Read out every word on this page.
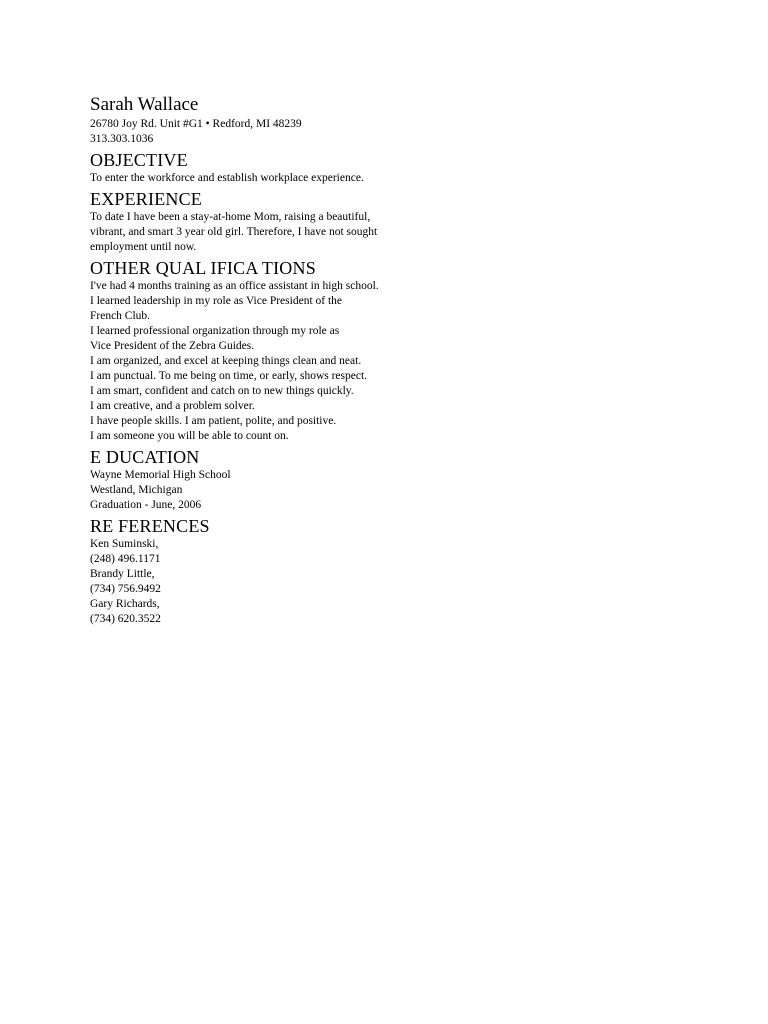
Sarah Wallace
26780 Joy Rd. Unit #G1 • Redford, MI 48239
313.303.1036
OBJECTIVE
To enter the workforce and establish workplace experience.
EXPERIENCE
To date I have been a stay-at-home Mom, raising a beautiful,
vibrant, and smart 3 year old girl. Therefore, I have not sought
employment until now.
OTHER QUAL IFICA TIONS
I've had 4 months training as an office assistant in high school.
I learned leadership in my role as Vice President of the
French Club.
I learned professional organization through my role as
Vice President of the Zebra Guides.
I am organized, and excel at keeping things clean and neat.
I am punctual. To me being on time, or early, shows respect.
I am smart, confident and catch on to new things quickly.
I am creative, and a problem solver.
I have people skills. I am patient, polite, and positive.
I am someone you will be able to count on.
E DUCATION
Wayne Memorial High School
Westland, Michigan
Graduation - June, 2006
RE FERENCES
Ken Suminski,
(248) 496.1171
Brandy Little,
(734) 756.9492
Gary Richards,
(734) 620.3522
